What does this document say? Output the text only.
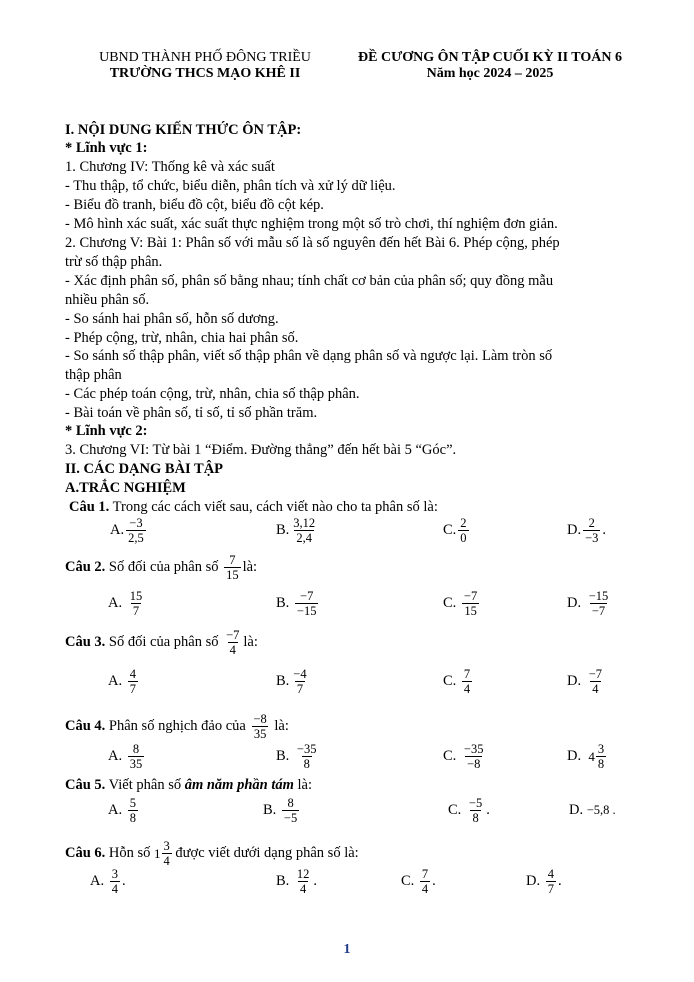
UBND THÀNH PHỐ ĐÔNG TRIỀU
TRƯỜNG THCS MẠO KHÊ II
ĐỀ CƯƠNG ÔN TẬP CUỐI KỲ II TOÁN 6
Năm học 2024 – 2025
I. NỘI DUNG KIẾN THỨC ÔN TẬP:
* Lĩnh vực 1:
1. Chương IV: Thống kê và xác suất
- Thu thập, tổ chức, biểu diễn, phân tích và xử lý dữ liệu.
- Biểu đồ tranh, biểu đồ cột, biểu đồ cột kép.
- Mô hình xác suất, xác suất thực nghiệm trong một số trò chơi, thí nghiệm đơn giản.
2. Chương V: Bài 1: Phân số với mẫu số là số nguyên đến hết Bài 6. Phép cộng, phép
trừ số thập phân.
- Xác định phân số, phân số bằng nhau; tính chất cơ bản của phân số; quy đồng mẫu
nhiều phân số.
- So sánh hai phân số, hỗn số dương.
- Phép cộng, trừ, nhân, chia hai phân số.
- So sánh số thập phân, viết số thập phân về dạng phân số và ngược lại. Làm tròn số
thập phân
- Các phép toán cộng, trừ, nhân, chia số thập phân.
- Bài toán về phân số, tỉ số, tỉ số phần trăm.
* Lĩnh vực 2:
3. Chương VI: Từ bài 1 “Điểm. Đường thẳng” đến hết bài 5 “Góc”.
II. CÁC DẠNG BÀI TẬP
A.TRẮC NGHIỆM
Câu 1. Trong các cách viết sau, cách viết nào cho ta phân số là:
A. $\frac{-3}{2,5}$	B. $\frac{3,12}{2,4}$	C. $\frac{2}{0}$	D. $\frac{2}{-3}$ .
Câu 2. Số đối của phân số $\frac{7}{15}$ là:
A. $\frac{15}{7}$	B. $\frac{-7}{-15}$	C. $\frac{-7}{15}$	D. $\frac{-15}{-7}$
Câu 3. Số đối của phân số $\frac{-7}{4}$ là:
A. $\frac{4}{7}$	B. $\frac{-4}{7}$	C. $\frac{7}{4}$	D. $\frac{-7}{4}$
Câu 4. Phân số nghịch đảo của $\frac{-8}{35}$ là:
A. $\frac{8}{35}$	B. $\frac{-35}{8}$	C. $\frac{-35}{-8}$	D. $4 \frac{3}{8}$
Câu 5. Viết phân số âm năm phần tám là:
A. $\frac{5}{8}$	B. $\frac{8}{-5}$	C. $\frac{-5}{8}$ .	D. −5,8 .
Câu 6. Hỗn số $1 \frac{3}{4}$ được viết dưới dạng phân số là:
A. $\frac{3}{4}$ .	B. $\frac{12}{4}$ .	C. $\frac{7}{4}$ .	D. $\frac{4}{7}$ .
1
